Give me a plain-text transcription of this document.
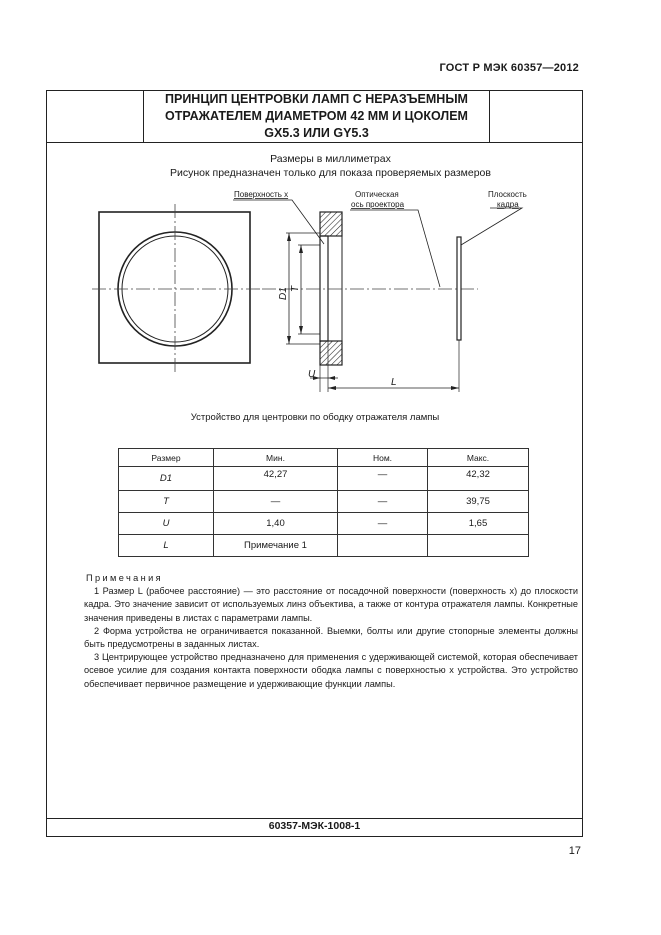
ГОСТ Р МЭК 60357—2012
ПРИНЦИП ЦЕНТРОВКИ ЛАМП С НЕРАЗЪЕМНЫМ
ОТРАЖАТЕЛЕМ ДИАМЕТРОМ 42 ММ И ЦОКОЛЕМ
GX5.3 ИЛИ GY5.3
60357-МЭК-1008-1
Размеры в миллиметрах
Рисунок предназначен только для показа проверяемых размеров
Поверхность x	Оптическая
ось проектора
Плоскость
кадра
D1 T
U
L
Устройство для центровки по ободку отражателя лампы
Размер	Мин.	Ном.	Макс.
D1	42,27	—	42,32
T	—	—	39,75
U	1,40	—	1,65
L	Примечание 1		

Примечания

1 Размер L (рабочее расстояние) — это расстояние от посадочной поверхности (поверхность x) до плоскости кадра. Это значение зависит от используемых линз объектива, а также от контура отражателя лампы. Конкретные значения приведены в листах с параметрами лампы.

2 Форма устройства не ограничивается показанной. Выемки, болты или другие стопорные элементы должны быть предусмотрены в заданных листах.

3 Центрирующее устройство предназначено для применения с удерживающей системой, которая обеспечивает осевое усилие для создания контакта поверхности ободка лампы с поверхностью x устройства. Это устройство обеспечивает первичное размещение и удерживающие функции лампы.

17
